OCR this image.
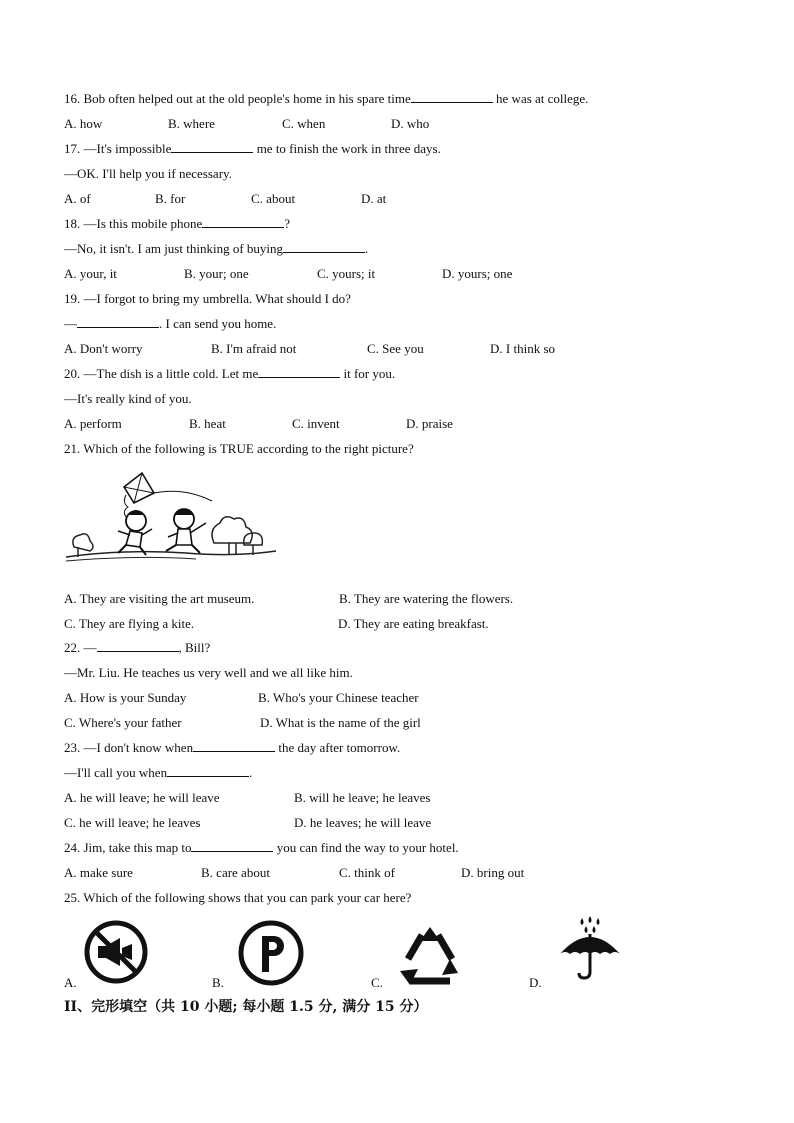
16. Bob often helped out at the old people's home in his spare time	he was at college.
A. how	B. where	C. when	D. who
17. —It's impossible	me to finish the work in three days.
—OK. I'll help you if necessary.
A. of	B. for	C. about	D. at
18. —Is this mobile phone	?
—No, it isn't. I am just thinking of buying	.
A. your, it	B. your; one	C. yours; it	D. yours; one
19. —I forgot to bring my umbrella. What should I do?
—	. I can send you home.
A. Don't worry	B. I'm afraid not	C. See you	D. I think so
20. —The dish is a little cold. Let me	it for you.
—It's really kind of you.
A. perform	B. heat	C. invent	D. praise
21. Which of the following is TRUE according to the right picture?
A. They are visiting the art museum.	B. They are watering the flowers.
C. They are flying a kite.	D. They are eating breakfast.
22. —	, Bill?
—Mr. Liu. He teaches us very well and we all like him.
A. How is your Sunday	B. Who's your Chinese teacher
C. Where's your father	D. What is the name of the girl
23. —I don't know when	the day after tomorrow.
—I'll call you when	.
A. he will leave; he will leave	B. will he leave; he leaves
C. he will leave; he leaves	D. he leaves; he will leave
24. Jim, take this map to	you can find the way to your hotel.
A. make sure	B. care about	C. think of	D. bring out
25. Which of the following shows that you can park your car here?
A.	B.	C.	D.
II、完形填空（共 10 小题; 每小题 1.5 分, 满分 15 分）
